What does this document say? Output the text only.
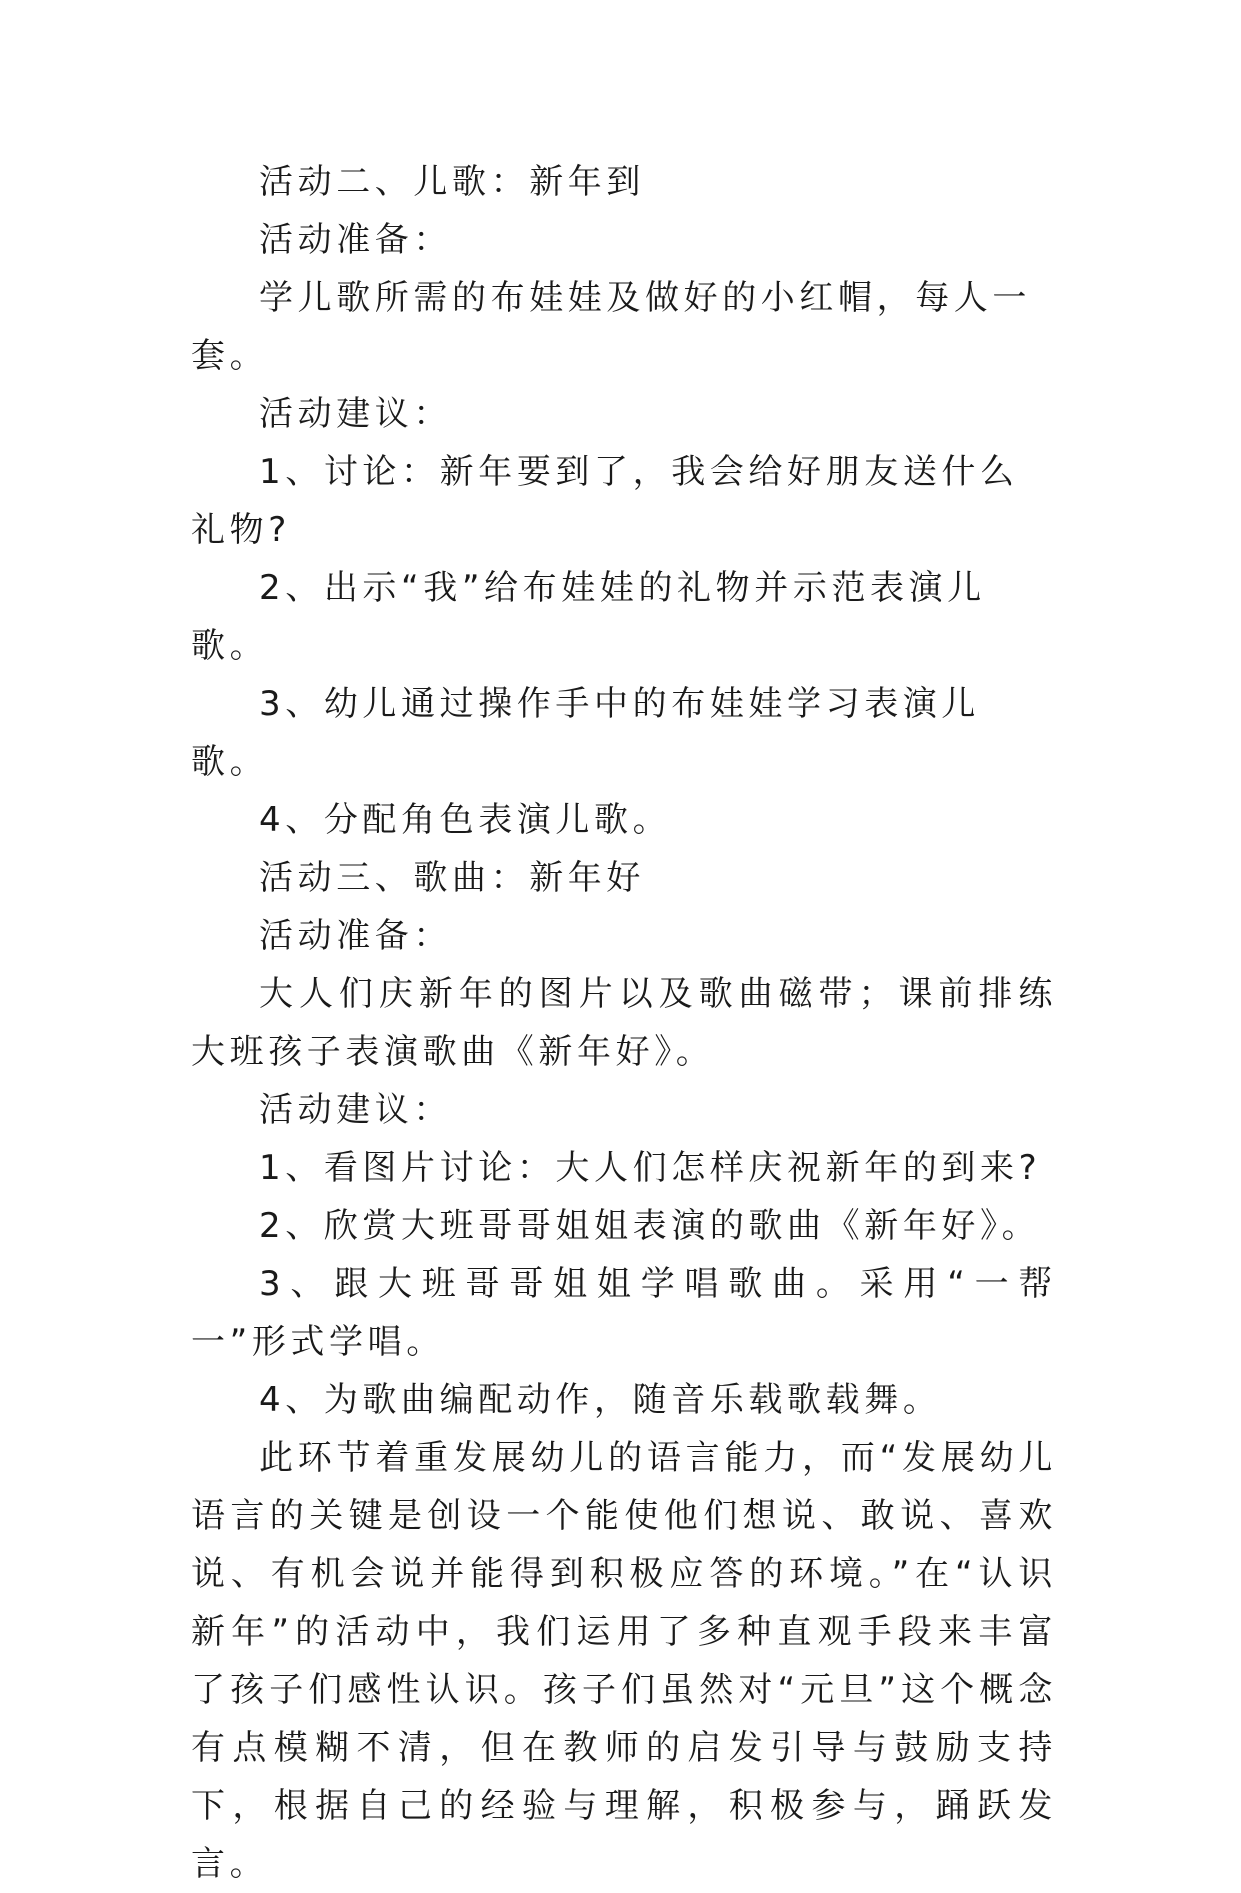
活动二、儿歌：新年到

活动准备：

学儿歌所需的布娃娃及做好的小红帽，每人一套。

活动建议：

1、讨论：新年要到了，我会给好朋友送什么礼物?

2、出示“我”给布娃娃的礼物并示范表演儿歌。

3、幼儿通过操作手中的布娃娃学习表演儿歌。

4、分配角色表演儿歌。

活动三、歌曲：新年好

活动准备：

大人们庆新年的图片以及歌曲磁带；课前排练大班孩子表演歌曲《新年好》。

活动建议：

1、看图片讨论：大人们怎样庆祝新年的到来?

2、欣赏大班哥哥姐姐表演的歌曲《新年好》。

3、跟大班哥哥姐姐学唱歌曲。采用“一帮一”形式学唱。

4、为歌曲编配动作，随音乐载歌载舞。

此环节着重发展幼儿的语言能力，而“发展幼儿语言的关键是创设一个能使他们想说、敢说、喜欢说、有机会说并能得到积极应答的环境。”在“认识新年”的活动中，我们运用了多种直观手段来丰富了孩子们感性认识。孩子们虽然对“元旦”这个概念有点模糊不清，但在教师的启发引导与鼓励支持下，根据自己的经验与理解，积极参与，踊跃发言。
